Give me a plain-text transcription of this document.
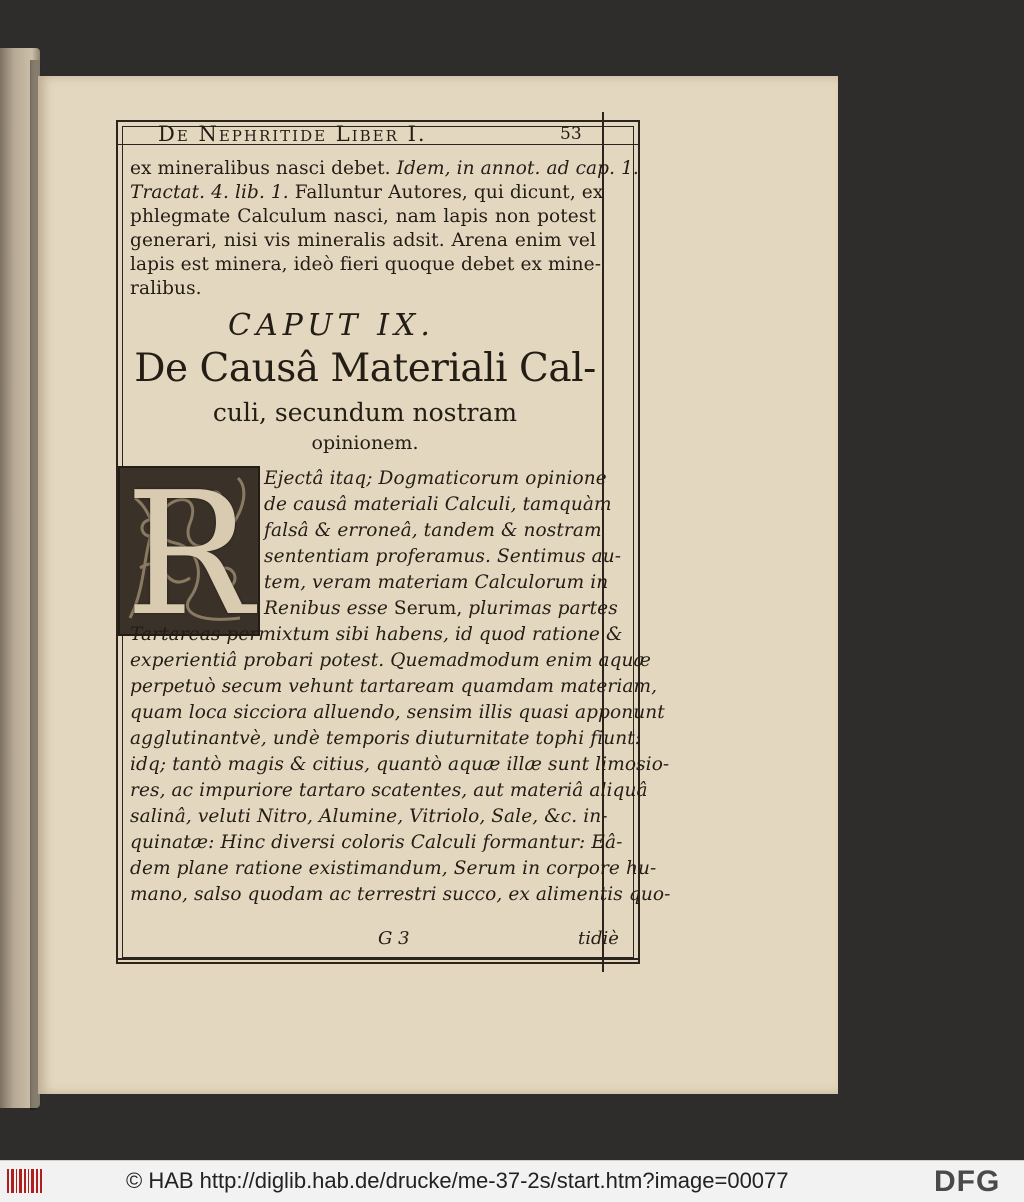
De Nephritide Liber I.	53
ex mineralibus nasci debet. Idem, in annot. ad cap. 1.
Tractat. 4. lib. 1. Falluntur Autores, qui dicunt, ex
phlegmate Calculum nasci, nam lapis non potest
generari, nisi vis mineralis adsit. Arena enim vel
lapis est minera, ideò fieri quoque debet ex mine-
ralibus.
CAPUT IX.
De Causâ Materiali Cal-
culi, secundum nostram
opinionem.
R Ejectâ itaq; Dogmaticorum opinione
de causâ materiali Calculi, tamquàm
falsâ & erroneâ, tandem & nostram
sententiam proferamus. Sentimus au-
tem, veram materiam Calculorum in
Renibus esse Serum, plurimas partes
Tartareas permixtum sibi habens, id quod ratione &
experientiâ probari potest. Quemadmodum enim aquæ
perpetuò secum vehunt tartaream quamdam materiam,
quam loca sicciora alluendo, sensim illis quasi apponunt
agglutinantvè, undè temporis diuturnitate tophi fiunt:
idq; tantò magis & citius, quantò aquæ illæ sunt limosio-
res, ac impuriore tartaro scatentes, aut materiâ aliquâ
salinâ, veluti Nitro, Alumine, Vitriolo, Sale, &c. in-
quinatæ: Hinc diversi coloris Calculi formantur: Eâ-
dem plane ratione existimandum, Serum in corpore hu-
mano, salso quodam ac terrestri succo, ex alimentis quo-
G 3	tidiè
© HAB http://diglib.hab.de/drucke/me-37-2s/start.htm?image=00077	DFG
